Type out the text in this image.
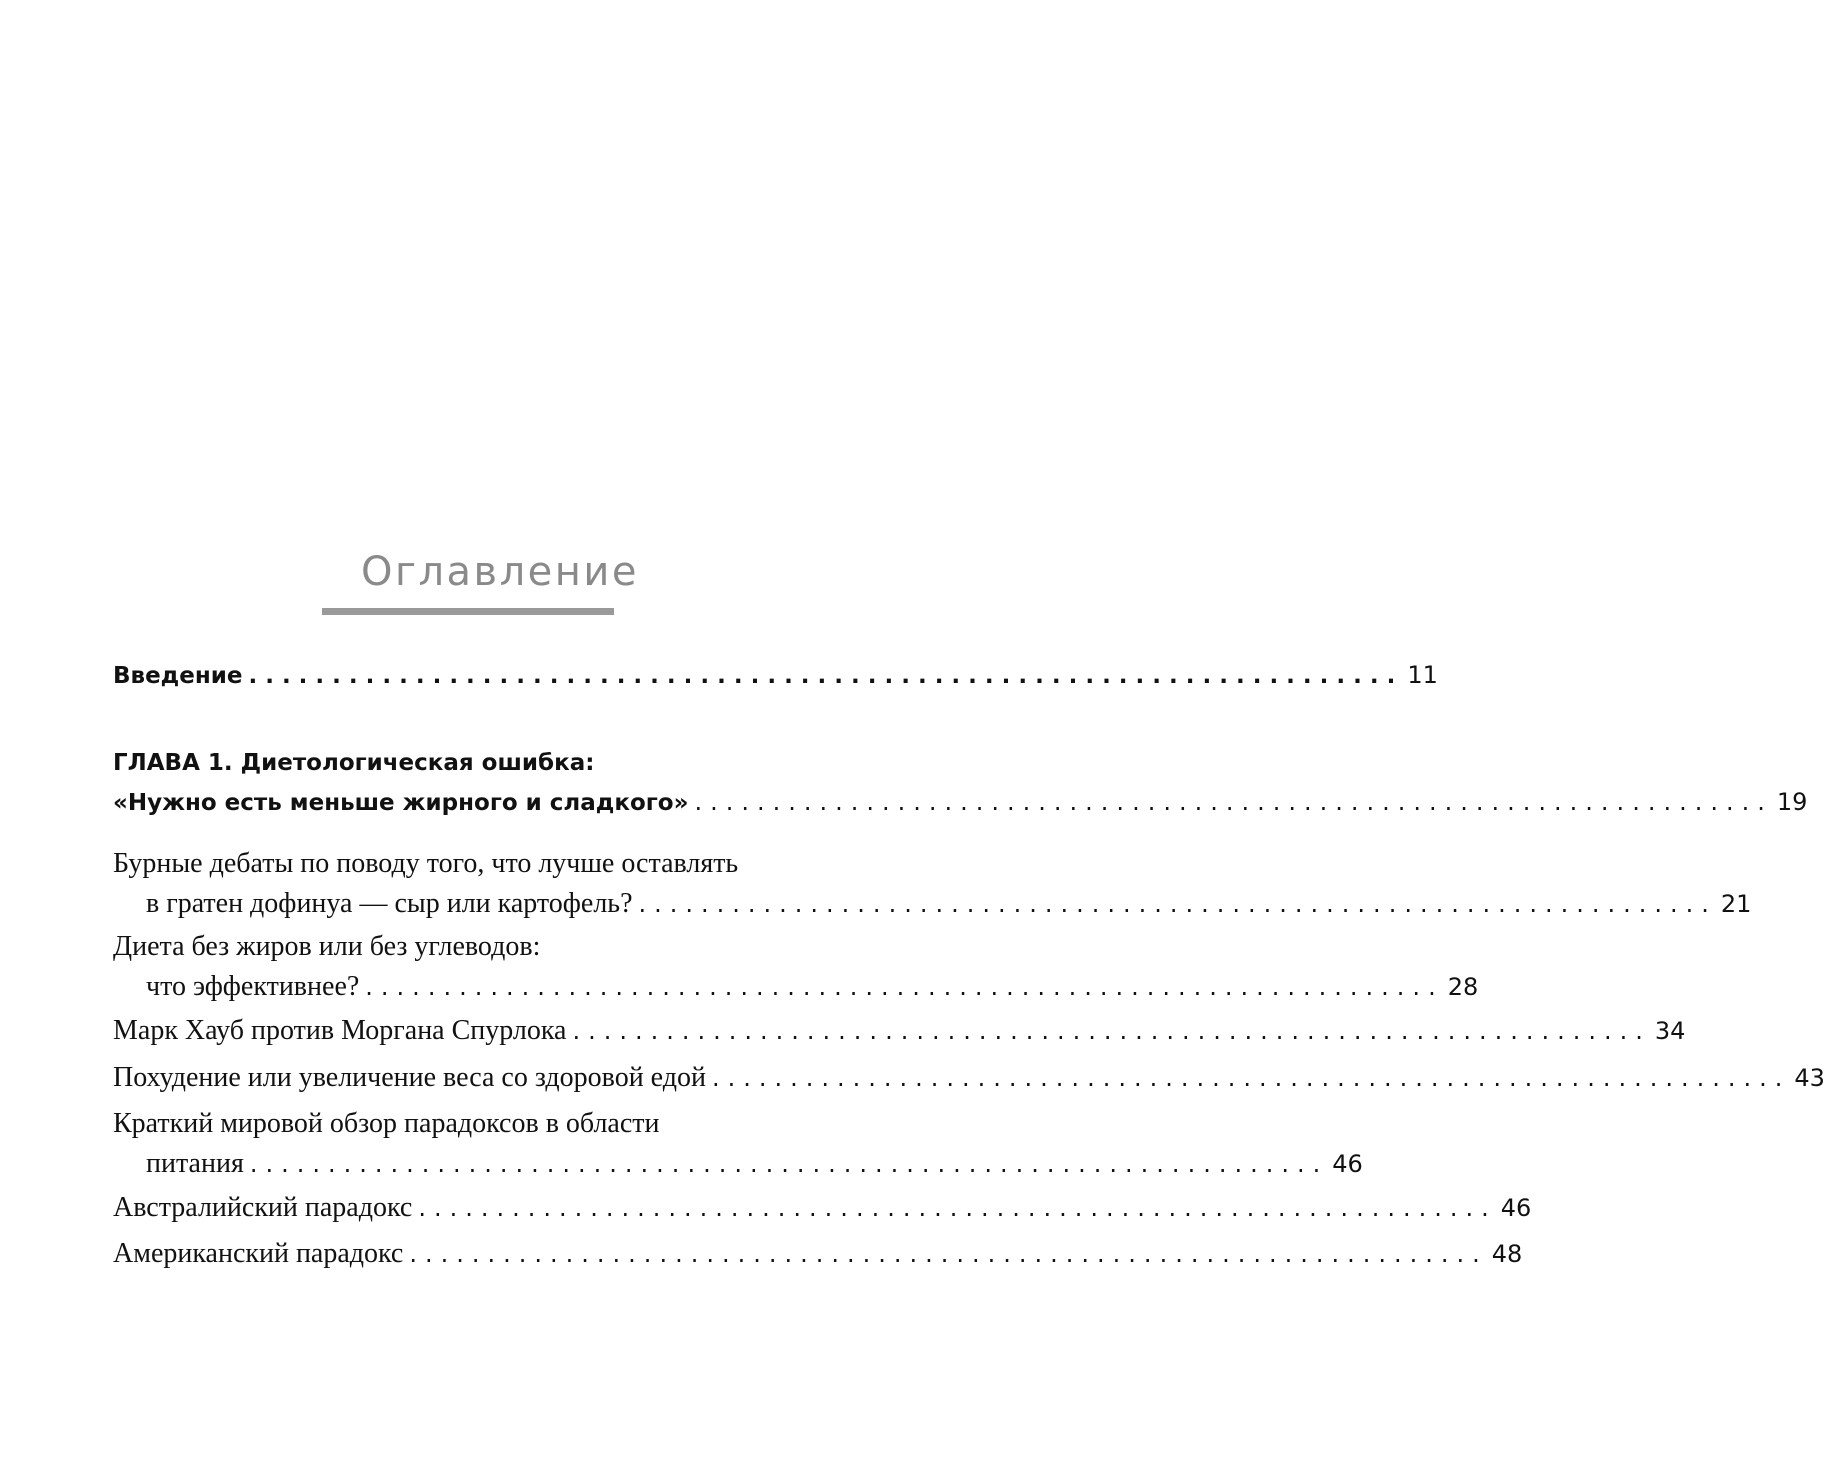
Оглавление
Введение ..................................................................... 11
ГЛАВА 1. Диетологическая ошибка:
«Нужно есть меньше жирного и сладкого» ..................................................................... 19
Бурные дебаты по поводу того, что лучше оставлять
в гратен дофинуа — сыр или картофель? ..................................................................... 21
Диета без жиров или без углеводов:
что эффективнее? ..................................................................... 28
Марк Хауб против Моргана Спурлока ..................................................................... 34
Похудение или увеличение веса со здоровой едой ..................................................................... 43
Краткий мировой обзор парадоксов в области
питания ..................................................................... 46
Австралийский парадокс ..................................................................... 46
Американский парадокс ..................................................................... 48
